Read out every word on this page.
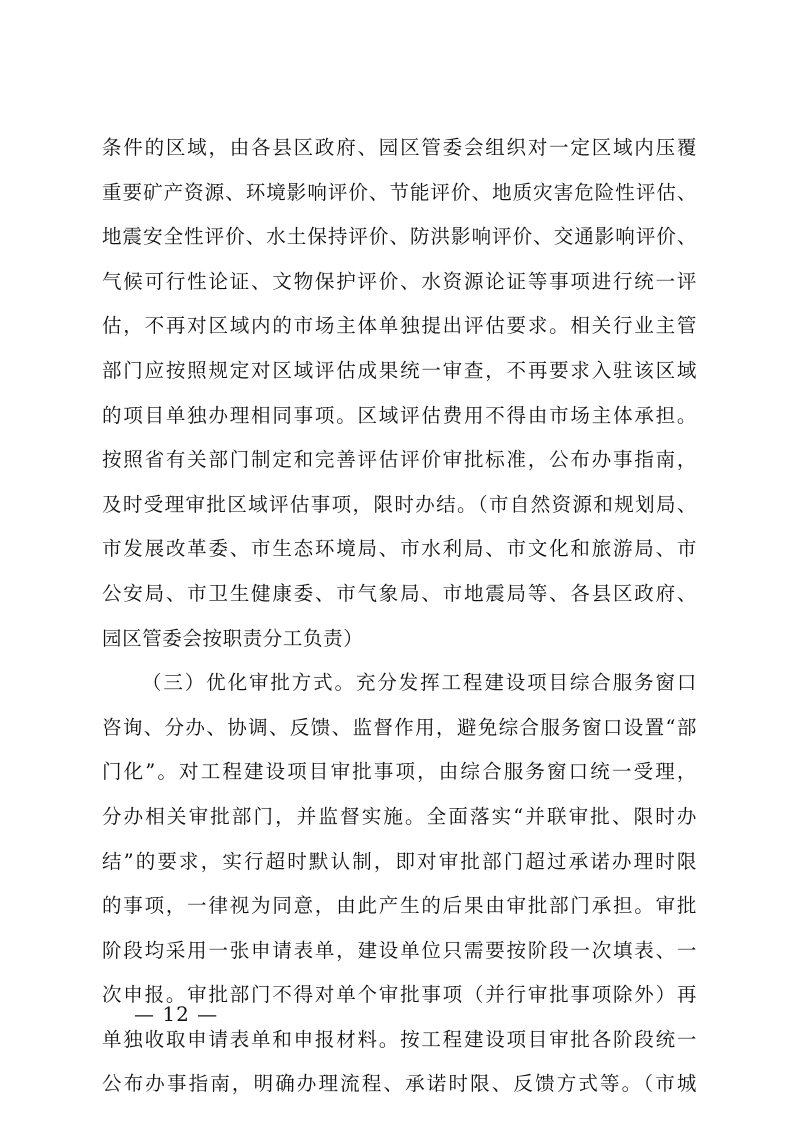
条件的区域，由各县区政府、园区管委会组织对一定区域内压覆
重要矿产资源、环境影响评价、节能评价、地质灾害危险性评估、
地震安全性评价、水土保持评价、防洪影响评价、交通影响评价、
气候可行性论证、文物保护评价、水资源论证等事项进行统一评
估，不再对区域内的市场主体单独提出评估要求。相关行业主管
部门应按照规定对区域评估成果统一审查，不再要求入驻该区域
的项目单独办理相同事项。区域评估费用不得由市场主体承担。
按照省有关部门制定和完善评估评价审批标准，公布办事指南，
及时受理审批区域评估事项，限时办结。（市自然资源和规划局、
市发展改革委、市生态环境局、市水利局、市文化和旅游局、市
公安局、市卫生健康委、市气象局、市地震局等、各县区政府、
园区管委会按职责分工负责）
（三）优化审批方式。充分发挥工程建设项目综合服务窗口
咨询、分办、协调、反馈、监督作用，避免综合服务窗口设置“部
门化”。对工程建设项目审批事项，由综合服务窗口统一受理，
分办相关审批部门，并监督实施。全面落实“并联审批、限时办
结”的要求，实行超时默认制，即对审批部门超过承诺办理时限
的事项，一律视为同意，由此产生的后果由审批部门承担。审批
阶段均采用一张申请表单，建设单位只需要按阶段一次填表、一
次申报。审批部门不得对单个审批事项（并行审批事项除外）再
单独收取申请表单和申报材料。按工程建设项目审批各阶段统一
公布办事指南，明确办理流程、承诺时限、反馈方式等。（市城
— 12 —
